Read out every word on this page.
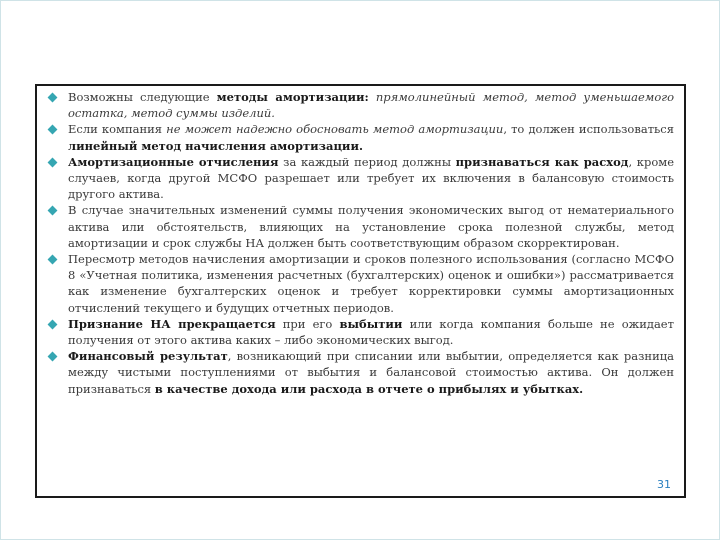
Возможны следующие методы амортизации: прямолинейный метод, метод уменьшаемого остатка, метод суммы изделий.
Если компания не может надежно обосновать метод амортизации, то должен использоваться линейный метод начисления амортизации.
Амортизационные отчисления за каждый период должны признаваться как расход, кроме случаев, когда другой МСФО разрешает или требует их включения в балансовую стоимость другого актива.
В случае значительных изменений суммы получения экономических выгод от нематериального актива или обстоятельств, влияющих на установление срока полезной службы, метод амортизации и срок службы НА должен быть соответствующим образом скорректирован.
Пересмотр методов начисления амортизации и сроков полезного использования (согласно МСФО 8 «Учетная политика, изменения расчетных (бухгалтерских) оценок и ошибки») рассматривается как изменение бухгалтерских оценок и требует корректировки суммы амортизационных отчислений текущего и будущих отчетных периодов.
Признание НА прекращается при его выбытии или когда компания больше не ожидает получения от этого актива каких – либо экономических выгод.
Финансовый результат, возникающий при списании или выбытии, определяется как разница между чистыми поступлениями от выбытия и балансовой стоимостью актива. Он должен признаваться в качестве дохода или расхода в отчете о прибылях и убытках.
31
